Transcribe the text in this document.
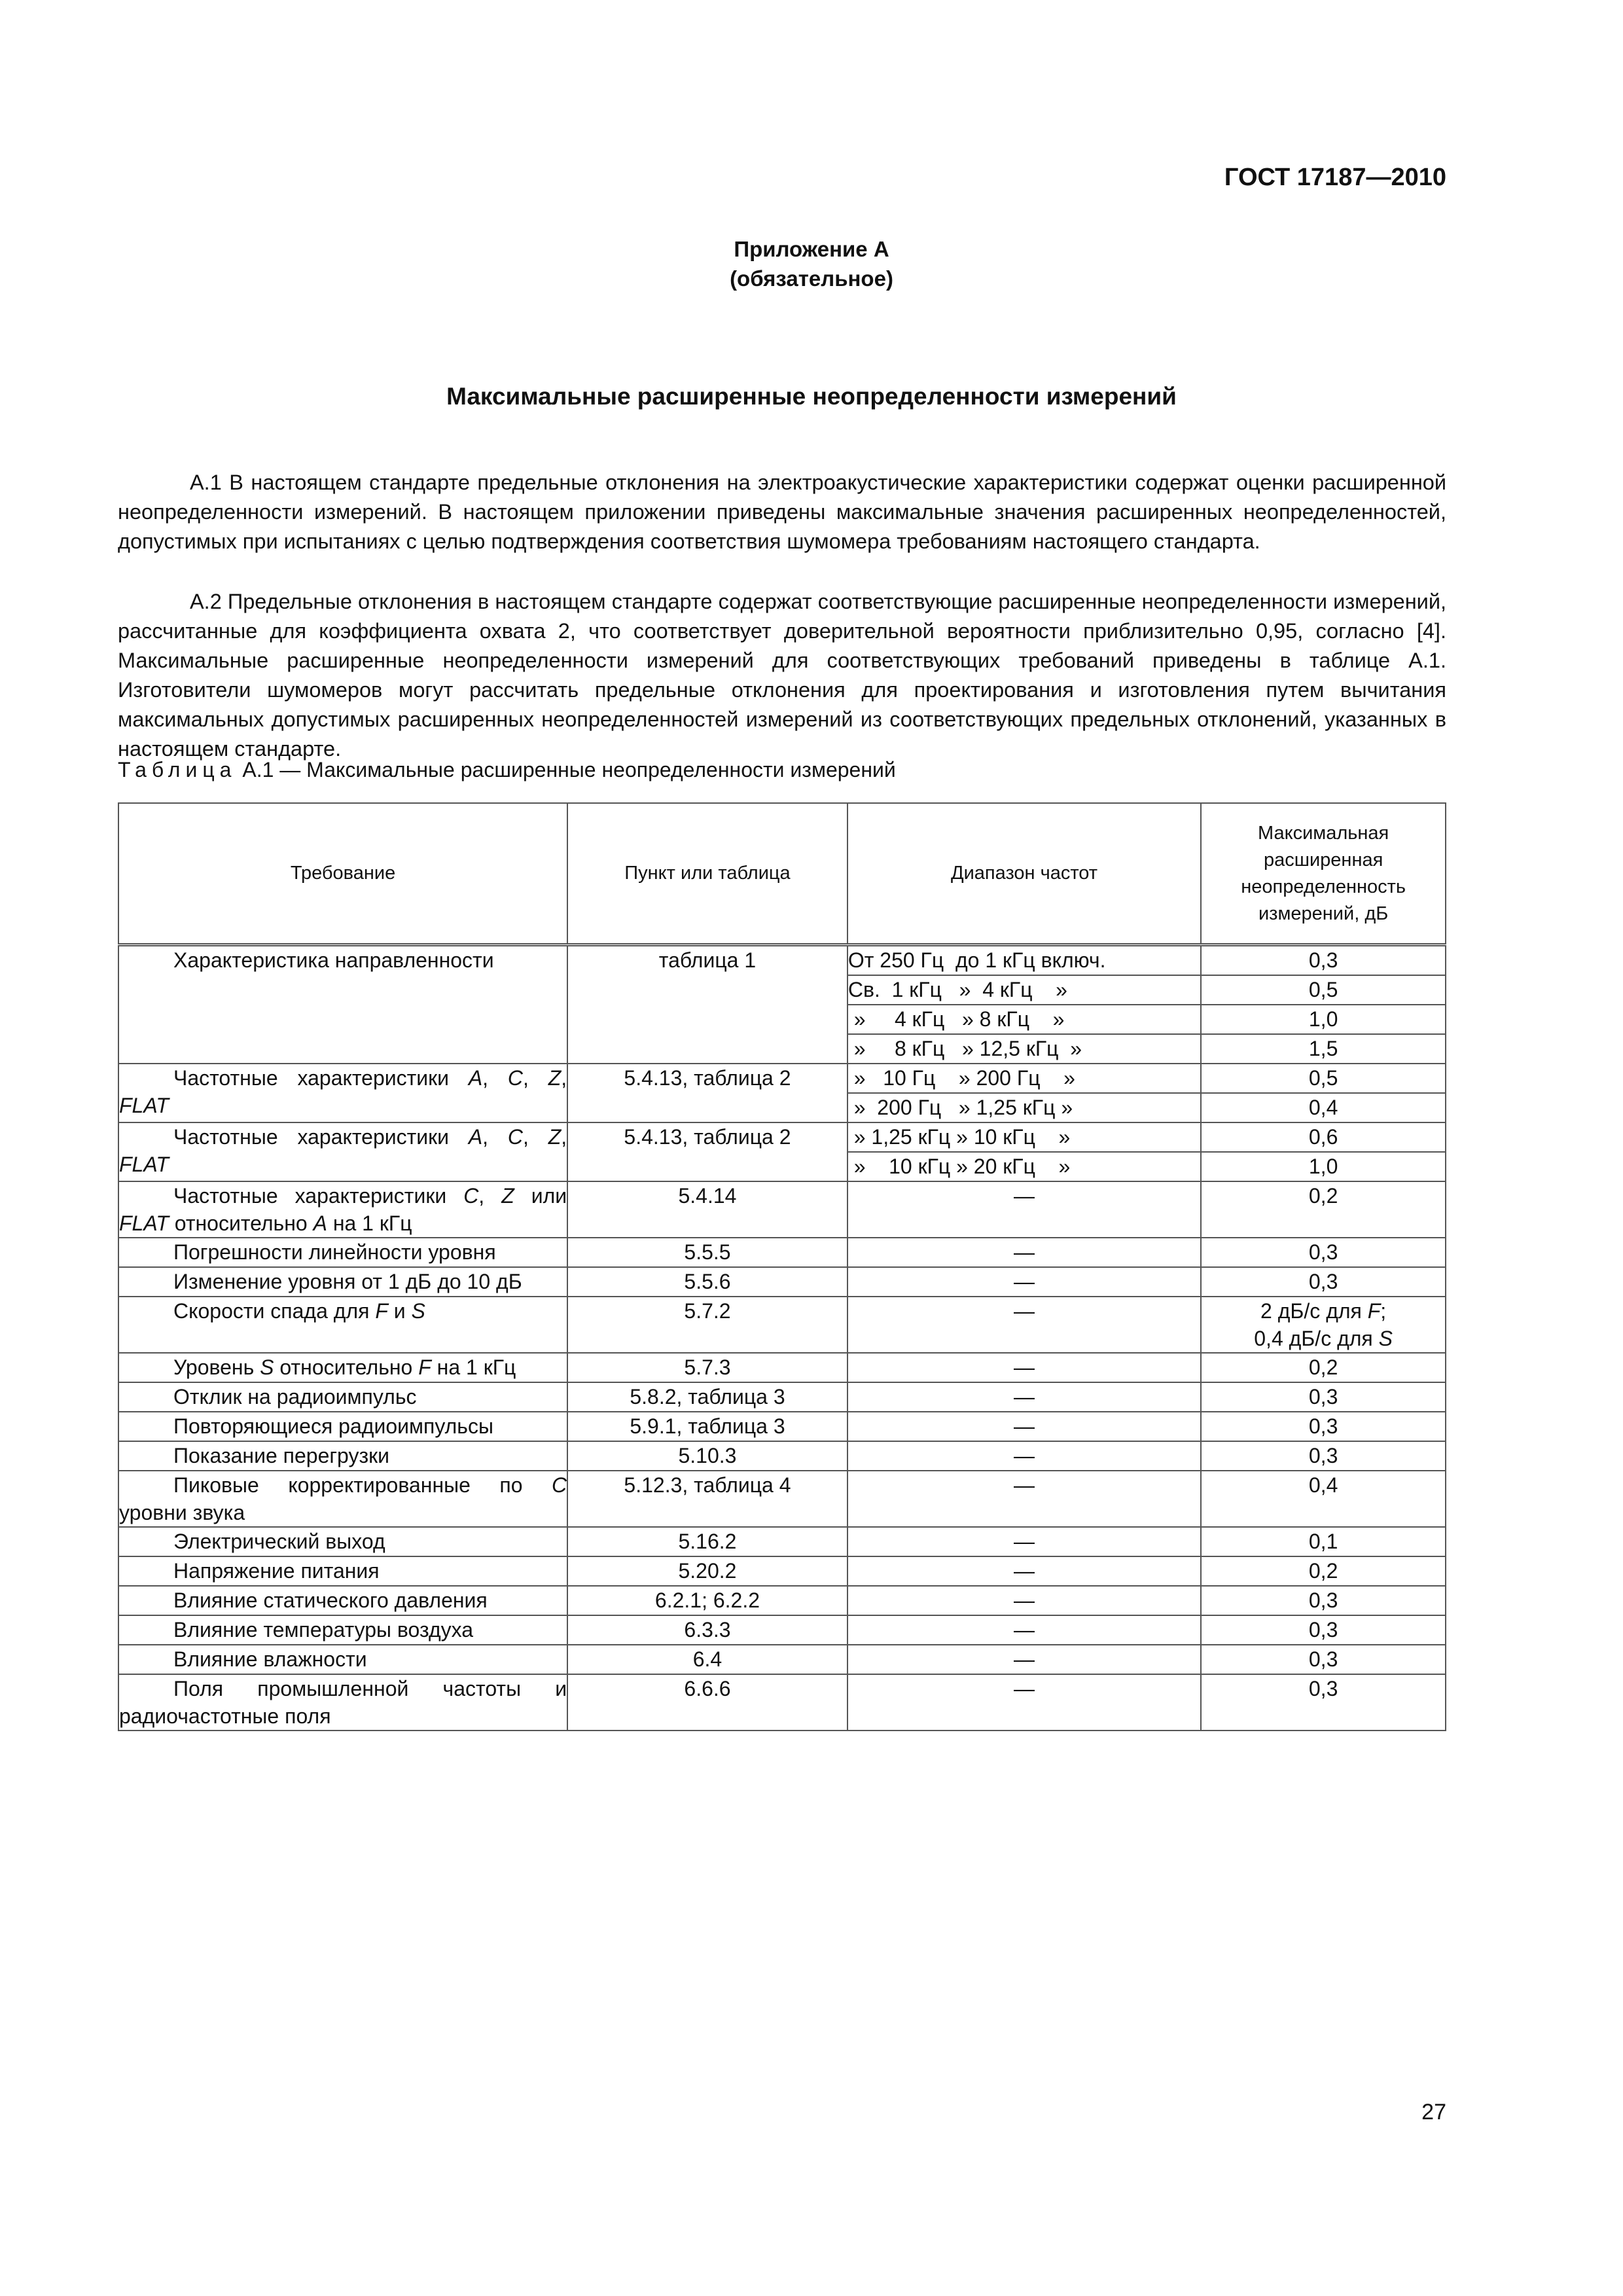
ГОСТ 17187—2010
Приложение А
(обязательное)
Максимальные расширенные неопределенности измерений

А.1 В настоящем стандарте предельные отклонения на электроакустические характеристики содержат оценки расширенной неопределенности измерений. В настоящем приложении приведены максимальные значения расширенных неопределенностей, допустимых при испытаниях с целью подтверждения соответствия шумомера требованиям настоящего стандарта.

А.2 Предельные отклонения в настоящем стандарте содержат соответствующие расширенные неопределенности измерений, рассчитанные для коэффициента охвата 2, что соответствует доверительной вероятности приблизительно 0,95, согласно [4]. Максимальные расширенные неопределенности измерений для соответствующих требований приведены в таблице А.1. Изготовители шумомеров могут рассчитать предельные отклонения для проектирования и изготовления путем вычитания максимальных допустимых расширенных неопределенностей измерений из соответствующих предельных отклонений, указанных в настоящем стандарте.

Таблица А.1 — Максимальные расширенные неопределенности измерений
Требование	Пункт или таблица	Диапазон частот	Максимальная расширенная неопределенность измерений, дБ
Характеристика направленности	таблица 1	От 250 Гц  до 1 кГц включ.	0,3
		Св.  1 кГц   »  4 кГц    »	0,5
		»     4 кГц   » 8 кГц    »	1,0
		»     8 кГц   » 12,5 кГц  »	1,5
Частотные характеристики A, C, Z, FLAT	5.4.13, таблица 2	»   10 Гц    » 200 Гц    »	0,5
		»  200 Гц   » 1,25 кГц »	0,4
Частотные характеристики A, C, Z, FLAT	5.4.13, таблица 2	» 1,25 кГц » 10 кГц    »	0,6
		»    10 кГц » 20 кГц    »	1,0
Частотные характеристики C, Z или FLAT относительно A на 1 кГц	5.4.14	—	0,2
Погрешности линейности уровня	5.5.5	—	0,3
Изменение уровня от 1 дБ до 10 дБ	5.5.6	—	0,3
Скорости спада для F и S	5.7.2	—	2 дБ/с для F;
0,4 дБ/с для S
Уровень S относительно F на 1 кГц	5.7.3	—	0,2
Отклик на радиоимпульс	5.8.2, таблица 3	—	0,3
Повторяющиеся радиоимпульсы	5.9.1, таблица 3	—	0,3
Показание перегрузки	5.10.3	—	0,3
Пиковые корректированные по C уровни звука	5.12.3, таблица 4	—	0,4
Электрический выход	5.16.2	—	0,1
Напряжение питания	5.20.2	—	0,2
Влияние статического давления	6.2.1; 6.2.2	—	0,3
Влияние температуры воздуха	6.3.3	—	0,3
Влияние влажности	6.4	—	0,3
Поля промышленной частоты и радиочастотные поля	6.6.6	—	0,3
27
